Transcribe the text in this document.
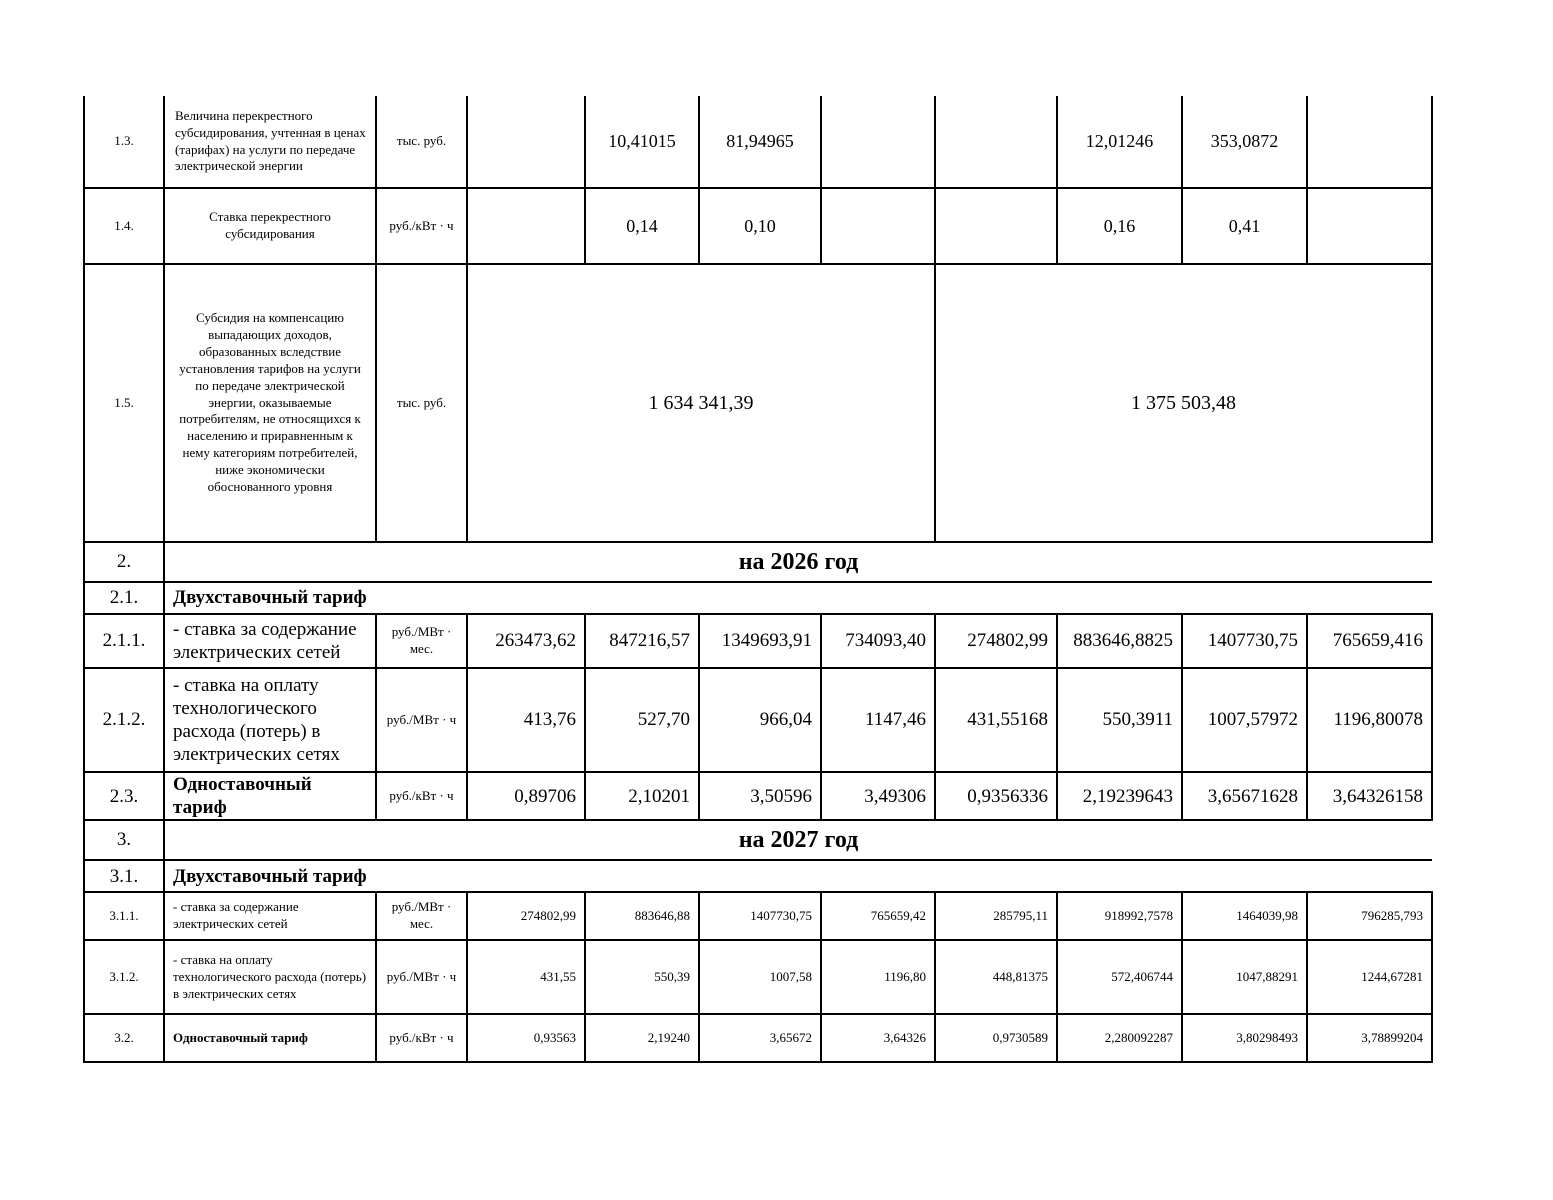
1.3.	Величина перекрестного субсидирования, учтенная в ценах (тарифах) на услуги по передаче электрической энергии	тыс. руб.		10,41015	81,94965			12,01246	353,0872	
1.4.	Ставка перекрестного субсидирования	руб./кВт · ч		0,14	0,10			0,16	0,41	
1.5.	Субсидия на компенсацию выпадающих доходов, образованных вследствие установления тарифов на услуги по передаче электрической энергии, оказываемые потребителям, не относящихся к населению и приравненным к нему категориям потребителей, ниже экономически обоснованного уровня	тыс. руб.	1 634 341,39				1 375 503,48			
2.	на 2026 год									
2.1.	Двухставочный тариф									
2.1.1.	- ставка за содержание электрических сетей	руб./МВт · мес.	263473,62	847216,57	1349693,91	734093,40	274802,99	883646,8825	1407730,75	765659,416
2.1.2.	- ставка на оплату технологического расхода (потерь) в электрических сетях	руб./МВт · ч	413,76	527,70	966,04	1147,46	431,55168	550,3911	1007,57972	1196,80078
2.3.	Одноставочный тариф	руб./кВт · ч	0,89706	2,10201	3,50596	3,49306	0,9356336	2,19239643	3,65671628	3,64326158
3.	на 2027 год									
3.1.	Двухставочный тариф									
3.1.1.	- ставка за содержание электрических сетей	руб./МВт · мес.	274802,99	883646,88	1407730,75	765659,42	285795,11	918992,7578	1464039,98	796285,793
3.1.2.	- ставка на оплату технологического расхода (потерь) в электрических сетях	руб./МВт · ч	431,55	550,39	1007,58	1196,80	448,81375	572,406744	1047,88291	1244,67281
3.2.	Одноставочный тариф	руб./кВт · ч	0,93563	2,19240	3,65672	3,64326	0,9730589	2,280092287	3,80298493	3,78899204
